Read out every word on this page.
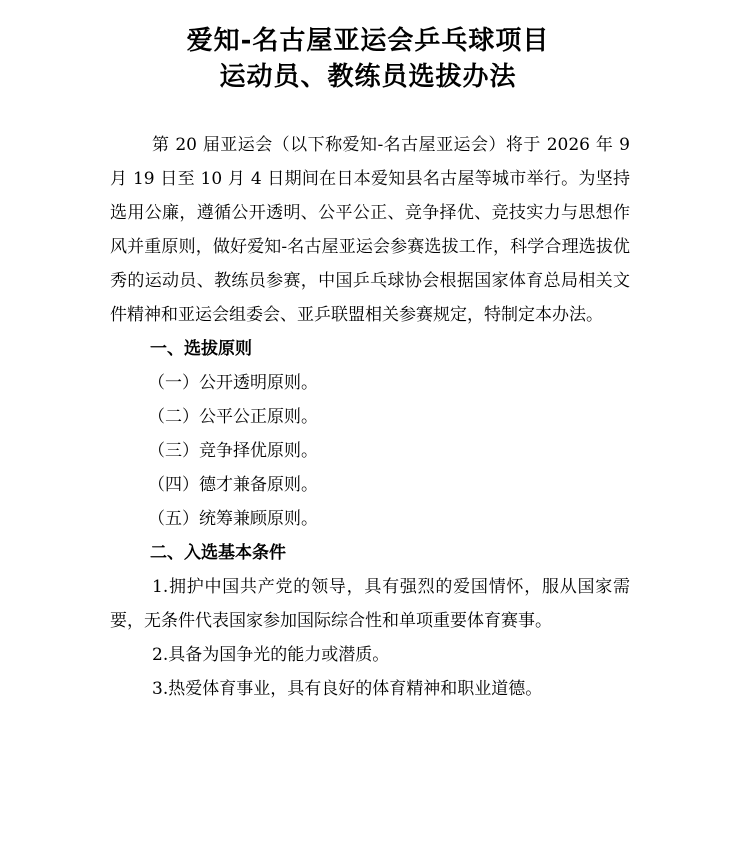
爱知-名古屋亚运会乒乓球项目
运动员、教练员选拔办法

第 20 届亚运会（以下称爱知-名古屋亚运会）将于 2026 年 9 月 19 日至 10 月 4 日期间在日本爱知县名古屋等城市举行。为坚持选用公廉，遵循公开透明、公平公正、竞争择优、竞技实力与思想作风并重原则，做好爱知-名古屋亚运会参赛选拔工作，科学合理选拔优秀的运动员、教练员参赛，中国乒乓球协会根据国家体育总局相关文件精神和亚运会组委会、亚乒联盟相关参赛规定，特制定本办法。

一、选拔原则

（一）公开透明原则。

（二）公平公正原则。

（三）竞争择优原则。

（四）德才兼备原则。

（五）统筹兼顾原则。

二、入选基本条件

1.拥护中国共产党的领导，具有强烈的爱国情怀，服从国家需要，无条件代表国家参加国际综合性和单项重要体育赛事。

2.具备为国争光的能力或潜质。

3.热爱体育事业，具有良好的体育精神和职业道德。
